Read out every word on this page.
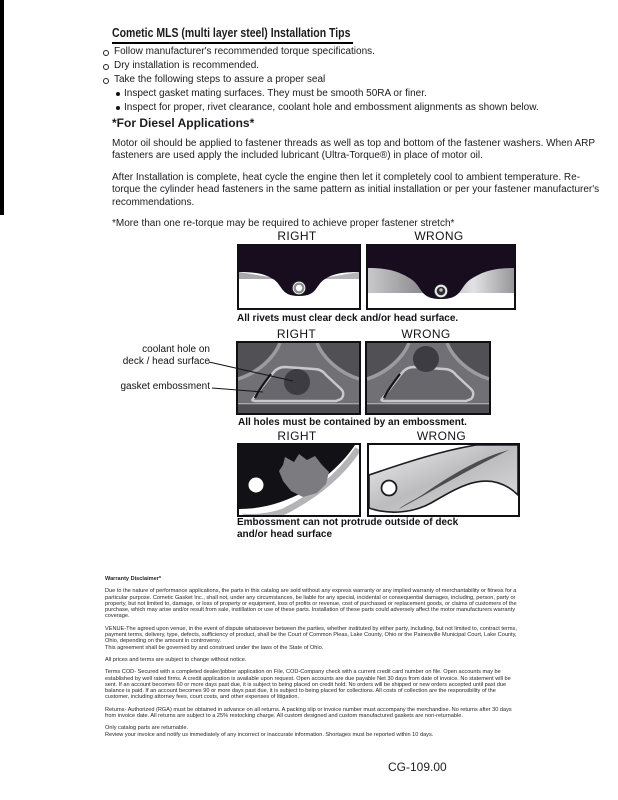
Cometic MLS (multi layer steel) Installation Tips
Follow manufacturer's recommended torque specifications.
Dry installation is recommended.
Take the following steps to assure a proper seal
Inspect gasket mating surfaces. They must be smooth 50RA or finer.
Inspect for proper, rivet clearance, coolant hole and embossment alignments as shown below.
*For Diesel Applications*

Motor oil should be applied to fastener threads as well as top and bottom of the fastener washers. When ARP fasteners are used apply the included lubricant (Ultra-Torque®) in place of motor oil.

After Installation is complete, heat cycle the engine then let it completely cool to ambient temperature. Re-torque the cylinder head fasteners in the same pattern as initial installation or per your fastener manufacturer's recommendations.

*More than one re-torque may be required to achieve proper fastener stretch*

RIGHT	WRONG
All rivets must clear deck and/or head surface.
RIGHT	WRONG
coolant hole on
deck / head surface
gasket embossment
All holes must be contained by an embossment.
RIGHT	WRONG
Embossment can not protrude outside of deck and/or head surface

Warranty Disclaimer*

Due to the nature of performance applications, the parts in this catalog are sold without any express warranty or any implied warranty of merchantability or fitness for a particular purpose. Cometic Gasket Inc., shall not, under any circumstances, be liable for any special, incidental or consequential damages, including, person, party or property, but not limited to, damage, or loss of property or equipment, loss of profits or revenue, cost of purchased or replacement goods, or claims of customers of the purchase, which may arise and/or result from sale, instillation or use of these parts. Installation of these parts could adversely affect the motor manufacturers warranty coverage.

VENUE-The agreed upon venue, in the event of dispute whatsoever between the parties, whether instituted by either party, including, but not limited to, contract terms, payment terms, delivery, type, defects, sufficiency of product, shall be the Court of Common Pleas, Lake County, Ohio or the Painesville Municipal Court, Lake County, Ohio, depending on the amount in controversy.

This agreement shall be governed by and construed under the laws of the State of Ohio.

All prices and terms are subject to change without notice.

Terms COD- Secured with a completed dealer/jobber application on File, COD-Company check with a current credit card number on file. Open accounts may be established by well rated firms. A credit application is available upon request. Open accounts are due payable Net 30 days from date of invoice. No statement will be sent. If an account becomes 60 or more days past due, it is subject to being placed on credit hold. No orders will be shipped or new orders accepted until past due balance is paid. If an account becomes 90 or more days past due, it is subject to being placed for collections. All costs of collection are the responsibility of the customer, including attorney fees, court costs, and other expenses of litigation.

Returns- Authorized (RGA) must be obtained in advance on all returns. A packing slip or invoice number must accompany the merchandise. No returns after 30 days from invoice date. All returns are subject to a 25% restocking charge. All custom designed and custom manufactured gaskets are non-returnable.

Only catalog parts are returnable.

Review your invoice and notify us immediately of any incorrect or inaccurate information. Shortages must be reported within 10 days.

CG-109.00
